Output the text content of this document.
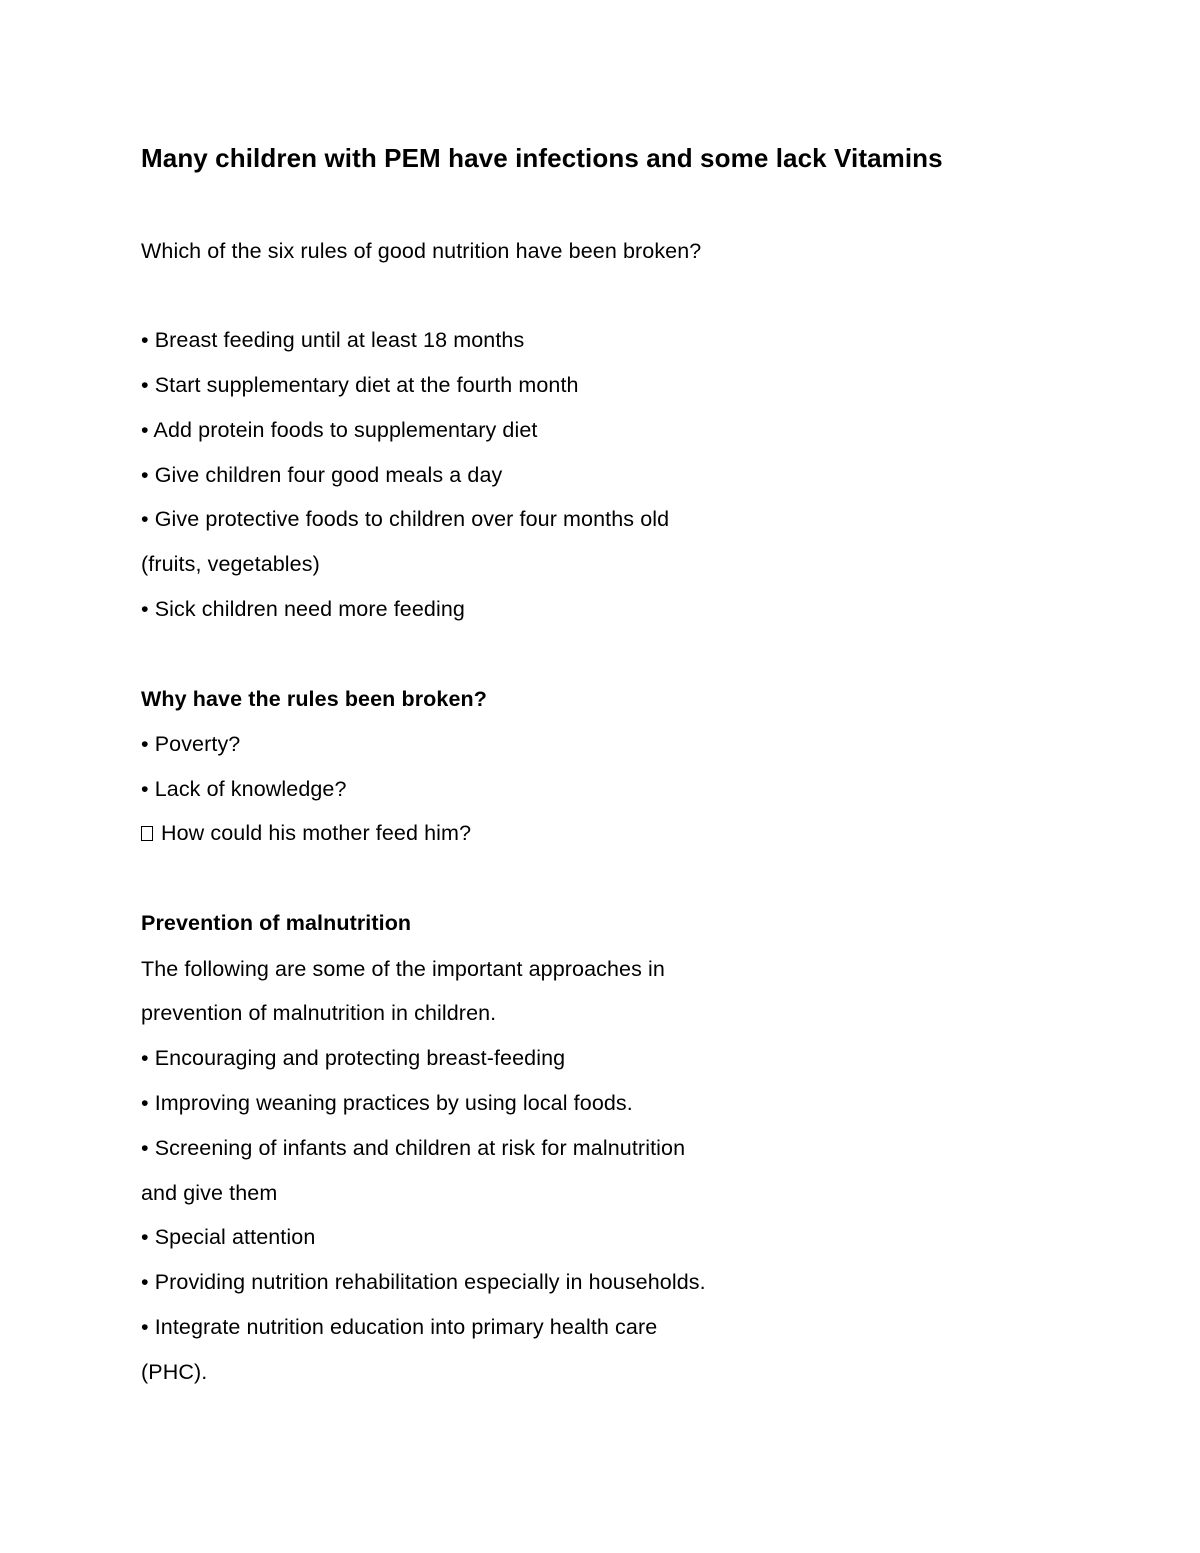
Many children with PEM have infections and some lack Vitamins
Which of the six rules of good nutrition have been broken?
• Breast feeding until at least 18 months
• Start supplementary diet at the fourth month
• Add protein foods to supplementary diet
• Give children four good meals a day
• Give protective foods to children over four months old
(fruits, vegetables)
• Sick children need more feeding
Why have the rules been broken?
• Poverty?
• Lack of knowledge?
How could his mother feed him?
Prevention of malnutrition
The following are some of the important approaches in
prevention of malnutrition in children.
• Encouraging and protecting breast-feeding
• Improving weaning practices by using local foods.
• Screening of infants and children at risk for malnutrition
and give them
• Special attention
• Providing nutrition rehabilitation especially in households.
• Integrate nutrition education into primary health care
(PHC).
